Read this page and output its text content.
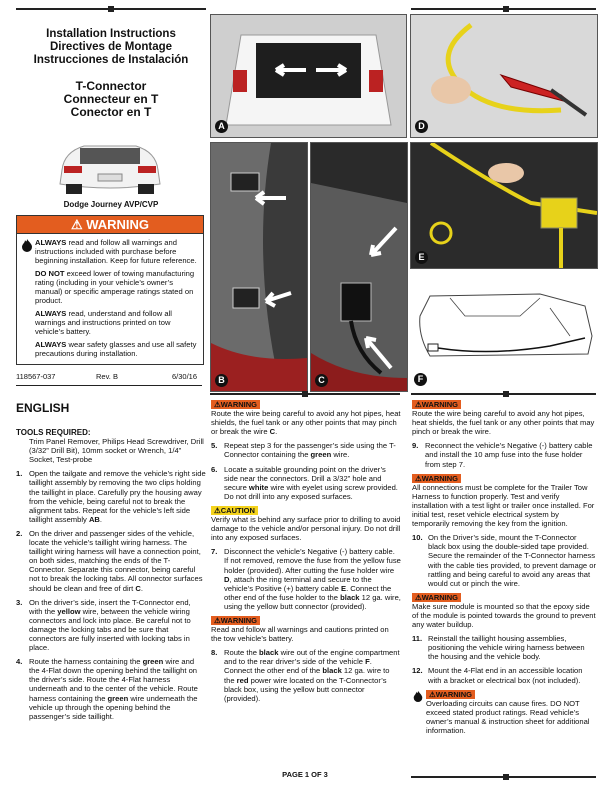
Installation Instructions
Directives de Montage
Instrucciones de Instalación
T-Connector
Connecteur en T
Conector en T
Dodge Journey AVP/CVP
⚠ WARNING

ALWAYS read and follow all warnings and instructions included with purchase before beginning installation. Keep for future reference.

DO NOT exceed lower of towing manufacturing rating (including in your vehicle’s owner’s manual) or specific amperage ratings stated on product.

ALWAYS read, understand and follow all warnings and instructions printed on tow vehicle’s battery.

ALWAYS wear safety glasses and use all safety precautions during installation.

118567-037	Rev. B	6/30/16
A	D
B	C
E
F
ENGLISH

TOOLS REQUIRED:

Trim Panel Remover, Philips Head Screwdriver, Drill (3/32” Drill Bit), 10mm socket or Wrench, 1/4” Socket, Test-probe

1. Open the tailgate and remove the vehicle’s right side taillight assembly by removing the two clips holding the taillight in place. Carefully pry the housing away from the vehicle, being careful not to break the alignment tabs. Repeat for the vehicle’s left side taillight assembly AB.
2. On the driver and passenger sides of the vehicle, locate the vehicle’s taillight wiring harness. The taillight wiring harness will have a connection point, on both sides, matching the ends of the T-Connector. Separate this connector, being careful not to break the locking tabs. All connector surfaces should be clean and free of dirt C.
3. On the driver’s side, insert the T-Connector end, with the yellow wire, between the vehicle wiring connectors and lock into place. Be careful not to damage the locking tabs and be sure that connectors are fully inserted with locking tabs in place.
4. Route the harness containing the green wire and the 4-Flat down the opening behind the taillight on the driver’s side. Route the 4-Flat harness underneath and to the center of the vehicle. Route harness containing the green wire underneath the vehicle up through the opening behind the passenger’s side taillight.
⚠WARNING
Route the wire being careful to avoid any hot pipes, heat shields, the fuel tank or any other points that may pinch or break the wire C.
5. Repeat step 3 for the passenger’s side using the T-Connector containing the green wire.
6. Locate a suitable grounding point on the driver’s side near the connectors. Drill a 3/32” hole and secure white wire with eyelet using screw provided. Do not drill into any exposed surfaces.
⚠CAUTION
Verify what is behind any surface prior to drilling to avoid damage to the vehicle and/or personal injury. Do not drill into any exposed surfaces.
7. Disconnect the vehicle’s Negative (-) battery cable. If not removed, remove the fuse from the yellow fuse holder (provided). After cutting the fuse holder wire D, attach the ring terminal and secure to the vehicle’s Positive (+) battery cable E. Connect the other end of the fuse holder to the black 12 ga. wire, using the yellow butt connector (provided).
⚠WARNING
Read and follow all warnings and cautions printed on the tow vehicle’s battery.
8. Route the black wire out of the engine compartment and to the rear driver’s side of the vehicle F. Connect the other end of the black 12 ga. wire to the red power wire located on the T-Connector’s black box, using the yellow butt connector (provided).
⚠WARNING
Route the wire being careful to avoid any hot pipes, heat shields, the fuel tank or any other points that may pinch or break the wire.
9. Reconnect the vehicle’s Negative (-) battery cable and install the 10 amp fuse into the fuse holder from step 7.
⚠WARNING
All connections must be complete for the Trailer Tow Harness to function properly. Test and verify installation with a test light or trailer once installed. For initial test, reset vehicle electrical system by temporarily removing the key from the ignition.
10. On the Driver’s side, mount the T-Connector black box using the double-sided tape provided. Secure the remainder of the T-Connector harness with the cable ties provided, to prevent damage or rattling and being careful to avoid any areas that would cut or pinch the wire.
⚠WARNING
Make sure module is mounted so that the epoxy side of the module is pointed towards the ground to prevent any water buildup.
11. Reinstall the taillight housing assemblies, positioning the vehicle wiring harness between the housing and the vehicle body.
12. Mount the 4-Flat end in an accessible location with a bracket or electrical box (not included).
⚠WARNING
Overloading circuits can cause fires. DO NOT exceed stated product ratings. Read vehicle’s owner’s manual & instruction sheet for additional information.
PAGE 1 OF 3
